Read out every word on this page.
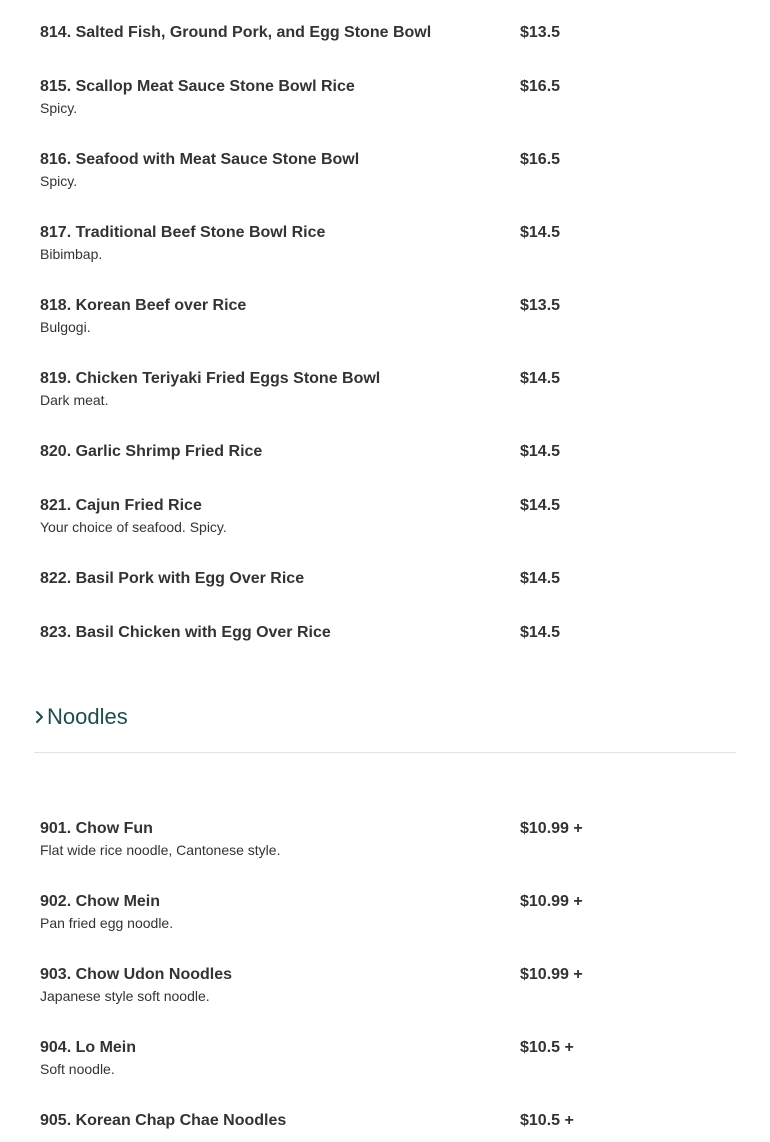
814. Salted Fish, Ground Pork, and Egg Stone Bowl	$13.5
815. Scallop Meat Sauce Stone Bowl Rice	$16.5
Spicy.
816. Seafood with Meat Sauce Stone Bowl	$16.5
Spicy.
817. Traditional Beef Stone Bowl Rice	$14.5
Bibimbap.
818. Korean Beef over Rice	$13.5
Bulgogi.
819. Chicken Teriyaki Fried Eggs Stone Bowl	$14.5
Dark meat.
820. Garlic Shrimp Fried Rice	$14.5
821. Cajun Fried Rice	$14.5
Your choice of seafood. Spicy.
822. Basil Pork with Egg Over Rice	$14.5
823. Basil Chicken with Egg Over Rice	$14.5
Noodles
901. Chow Fun	$10.99 +
Flat wide rice noodle, Cantonese style.
902. Chow Mein	$10.99 +
Pan fried egg noodle.
903. Chow Udon Noodles	$10.99 +
Japanese style soft noodle.
904. Lo Mein	$10.5 +
Soft noodle.
905. Korean Chap Chae Noodles	$10.5 +
